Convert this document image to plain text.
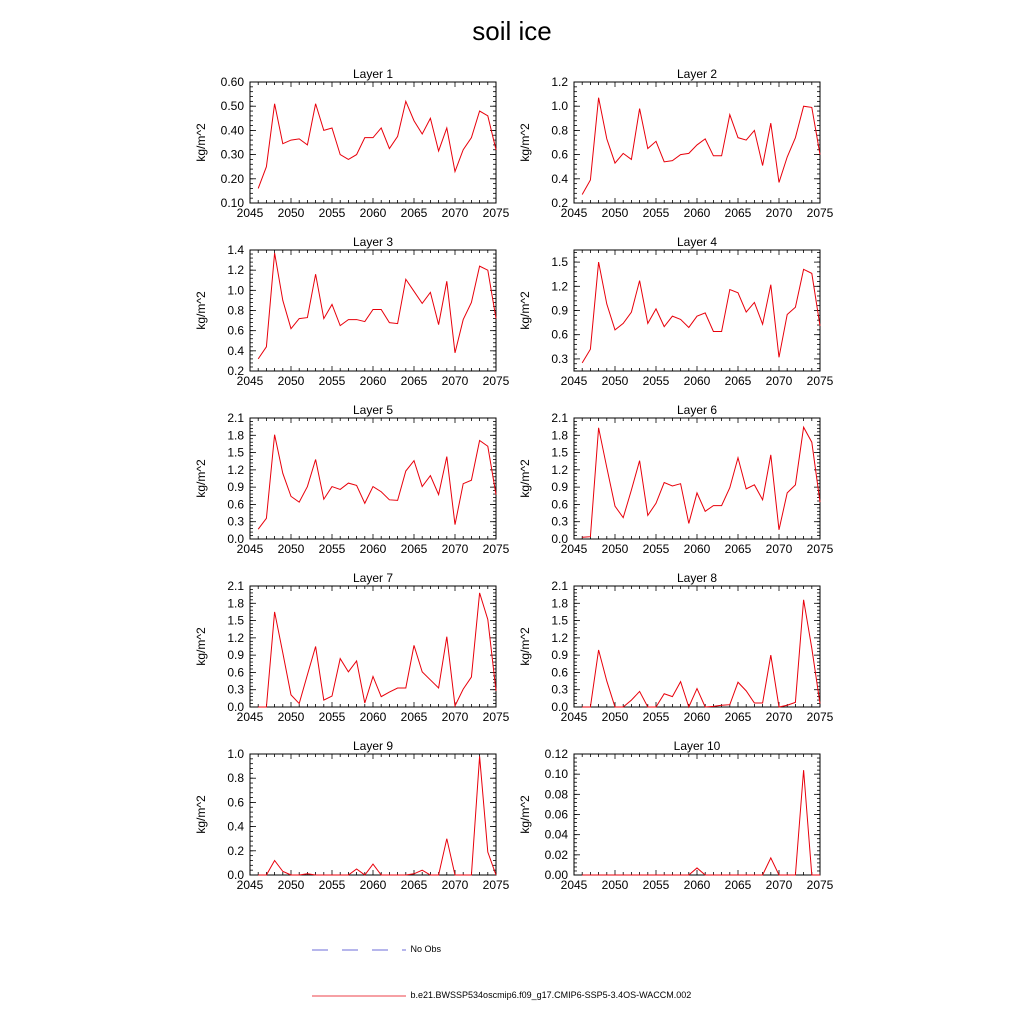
soil ice
Layer 1
kg/m^2
2045 2050 2055 2060 2065 2070 2075
0.10
0.20
0.30
0.40
0.50
0.60
Layer 2
kg/m^2
2045 2050 2055 2060 2065 2070 2075
0.2
0.4
0.6
0.8
1.0
1.2
Layer 3
kg/m^2
2045 2050 2055 2060 2065 2070 2075
0.2
0.4
0.6
0.8
1.0
1.2
1.4
Layer 4
kg/m^2
2045 2050 2055 2060 2065 2070 2075
0.3
0.6
0.9
1.2
1.5
Layer 5
kg/m^2
2045 2050 2055 2060 2065 2070 2075
0.0
0.3
0.6
0.9
1.2
1.5
1.8
2.1
Layer 6
kg/m^2
2045 2050 2055 2060 2065 2070 2075
0.0
0.3
0.6
0.9
1.2
1.5
1.8
2.1
Layer 7
kg/m^2
2045 2050 2055 2060 2065 2070 2075
0.0
0.3
0.6
0.9
1.2
1.5
1.8
2.1
Layer 8
kg/m^2
2045 2050 2055 2060 2065 2070 2075
0.0
0.3
0.6
0.9
1.2
1.5
1.8
2.1
Layer 9
kg/m^2
2045 2050 2055 2060 2065 2070 2075
0.0
0.2
0.4
0.6
0.8
1.0
Layer 10
kg/m^2
2045 2050 2055 2060 2065 2070 2075
0.00
0.02
0.04
0.06
0.08
0.10
0.12
No Obs
b.e21.BWSSP534oscmip6.f09_g17.CMIP6-SSP5-3.4OS-WACCM.002
